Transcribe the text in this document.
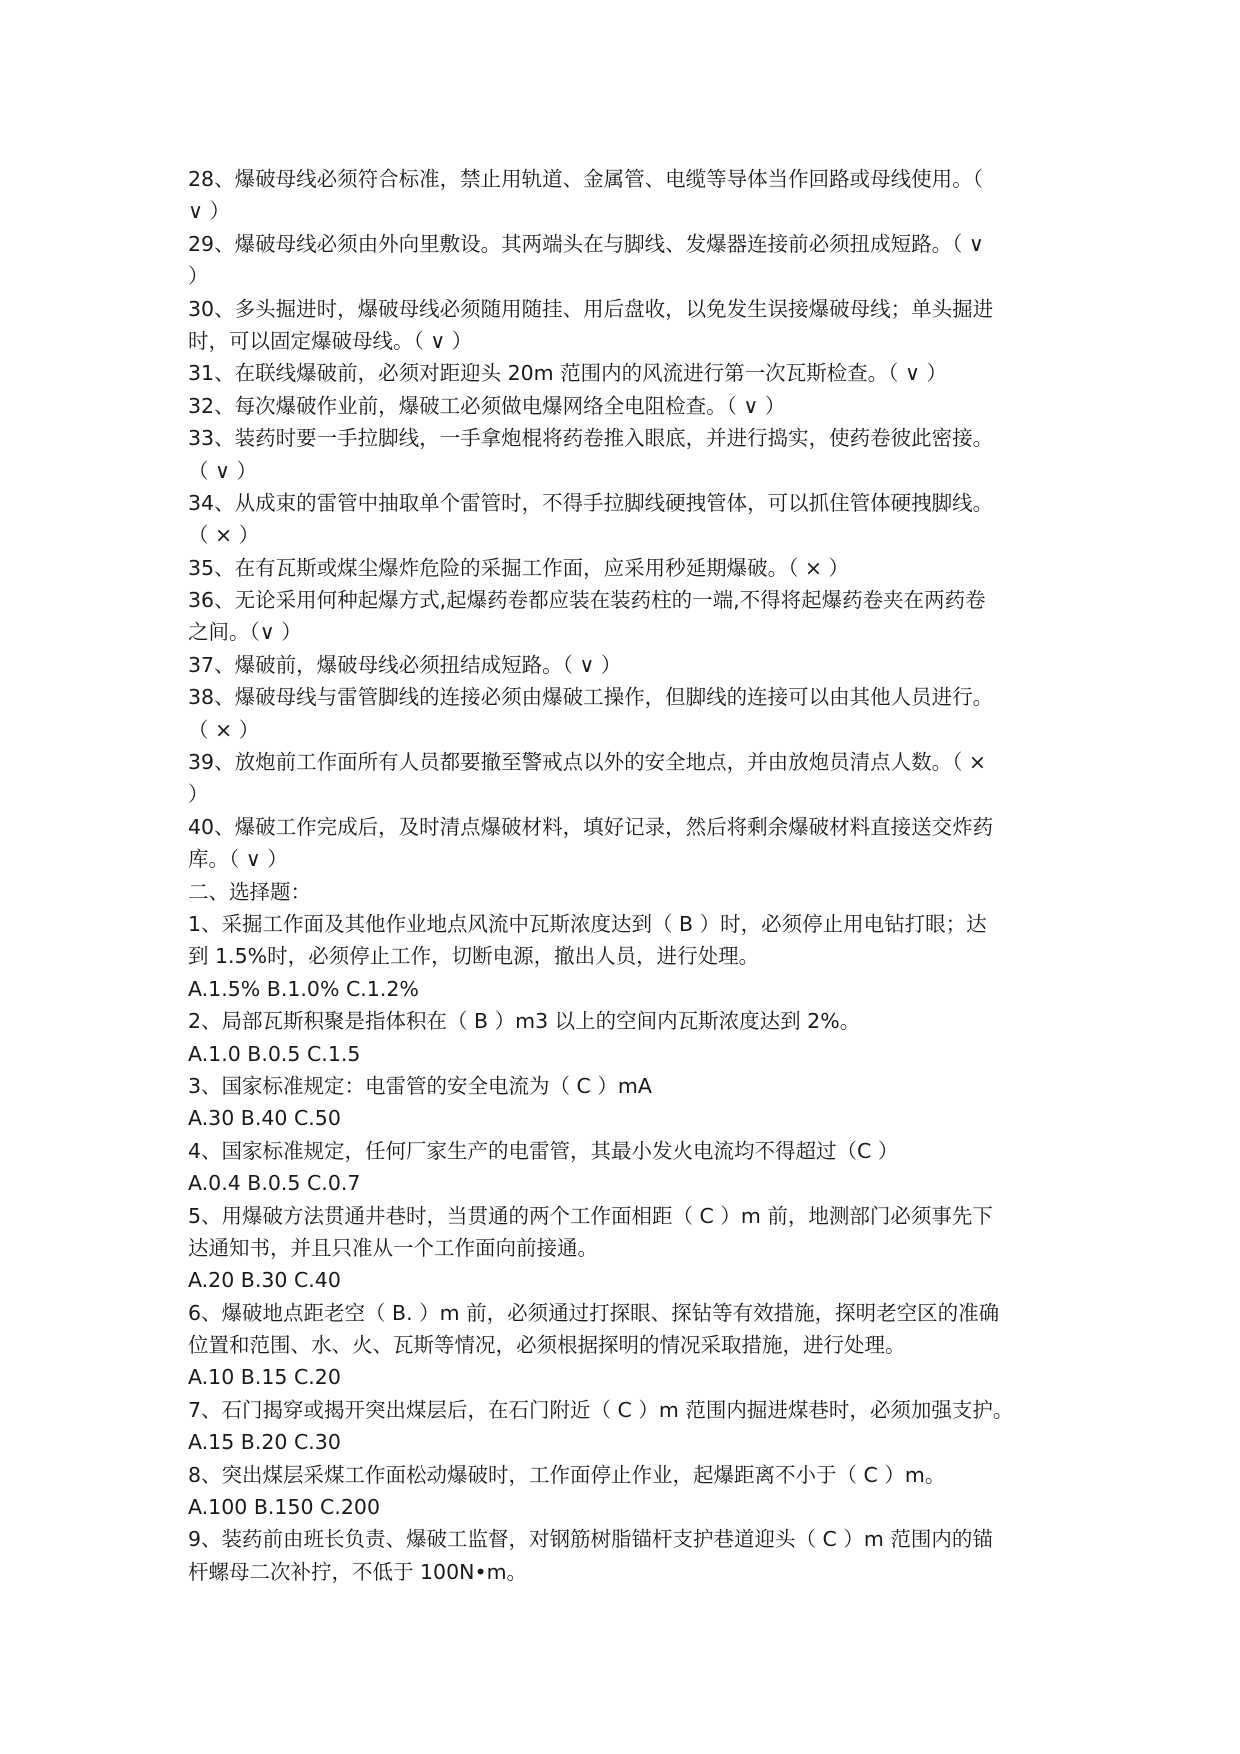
28、爆破母线必须符合标准，禁止用轨道、金属管、电缆等导体当作回路或母线使用。（
∨ ）
29、爆破母线必须由外向里敷设。其两端头在与脚线、发爆器连接前必须扭成短路。（ ∨
）
30、多头掘进时，爆破母线必须随用随挂、用后盘收，以免发生误接爆破母线；单头掘进
时，可以固定爆破母线。（ ∨ ）
31、在联线爆破前，必须对距迎头 20m 范围内的风流进行第一次瓦斯检查。（ ∨ ）
32、每次爆破作业前，爆破工必须做电爆网络全电阻检查。（ ∨ ）
33、装药时要一手拉脚线，一手拿炮棍将药卷推入眼底，并进行捣实，使药卷彼此密接。
（ ∨ ）
34、从成束的雷管中抽取单个雷管时，不得手拉脚线硬拽管体，可以抓住管体硬拽脚线。
（ × ）
35、在有瓦斯或煤尘爆炸危险的采掘工作面，应采用秒延期爆破。（ × ）
36、无论采用何种起爆方式,起爆药卷都应装在装药柱的一端,不得将起爆药卷夹在两药卷
之间。（∨ ）
37、爆破前，爆破母线必须扭结成短路。（ ∨ ）
38、爆破母线与雷管脚线的连接必须由爆破工操作，但脚线的连接可以由其他人员进行。
（ × ）
39、放炮前工作面所有人员都要撤至警戒点以外的安全地点，并由放炮员清点人数。（ ×
）
40、爆破工作完成后，及时清点爆破材料，填好记录，然后将剩余爆破材料直接送交炸药
库。（ ∨ ）
二、选择题：
1、采掘工作面及其他作业地点风流中瓦斯浓度达到（ B ）时，必须停止用电钻打眼；达
到 1.5%时，必须停止工作，切断电源，撤出人员，进行处理。
A.1.5% B.1.0% C.1.2%
2、局部瓦斯积聚是指体积在（ B ）m3 以上的空间内瓦斯浓度达到 2%。
A.1.0 B.0.5 C.1.5
3、国家标准规定：电雷管的安全电流为（ C ）mA
A.30 B.40 C.50
4、国家标准规定，任何厂家生产的电雷管，其最小发火电流均不得超过（C ）
A.0.4 B.0.5 C.0.7
5、用爆破方法贯通井巷时，当贯通的两个工作面相距（ C ）m 前，地测部门必须事先下
达通知书，并且只准从一个工作面向前接通。
A.20 B.30 C.40
6、爆破地点距老空（ B. ）m 前，必须通过打探眼、探钻等有效措施，探明老空区的准确
位置和范围、水、火、瓦斯等情况，必须根据探明的情况采取措施，进行处理。
A.10 B.15 C.20
7、石门揭穿或揭开突出煤层后，在石门附近（ C ）m 范围内掘进煤巷时，必须加强支护。
A.15 B.20 C.30
8、突出煤层采煤工作面松动爆破时，工作面停止作业，起爆距离不小于（ C ）m。
A.100 B.150 C.200
9、装药前由班长负责、爆破工监督，对钢筋树脂锚杆支护巷道迎头（ C ）m 范围内的锚
杆螺母二次补拧，不低于 100N•m。
